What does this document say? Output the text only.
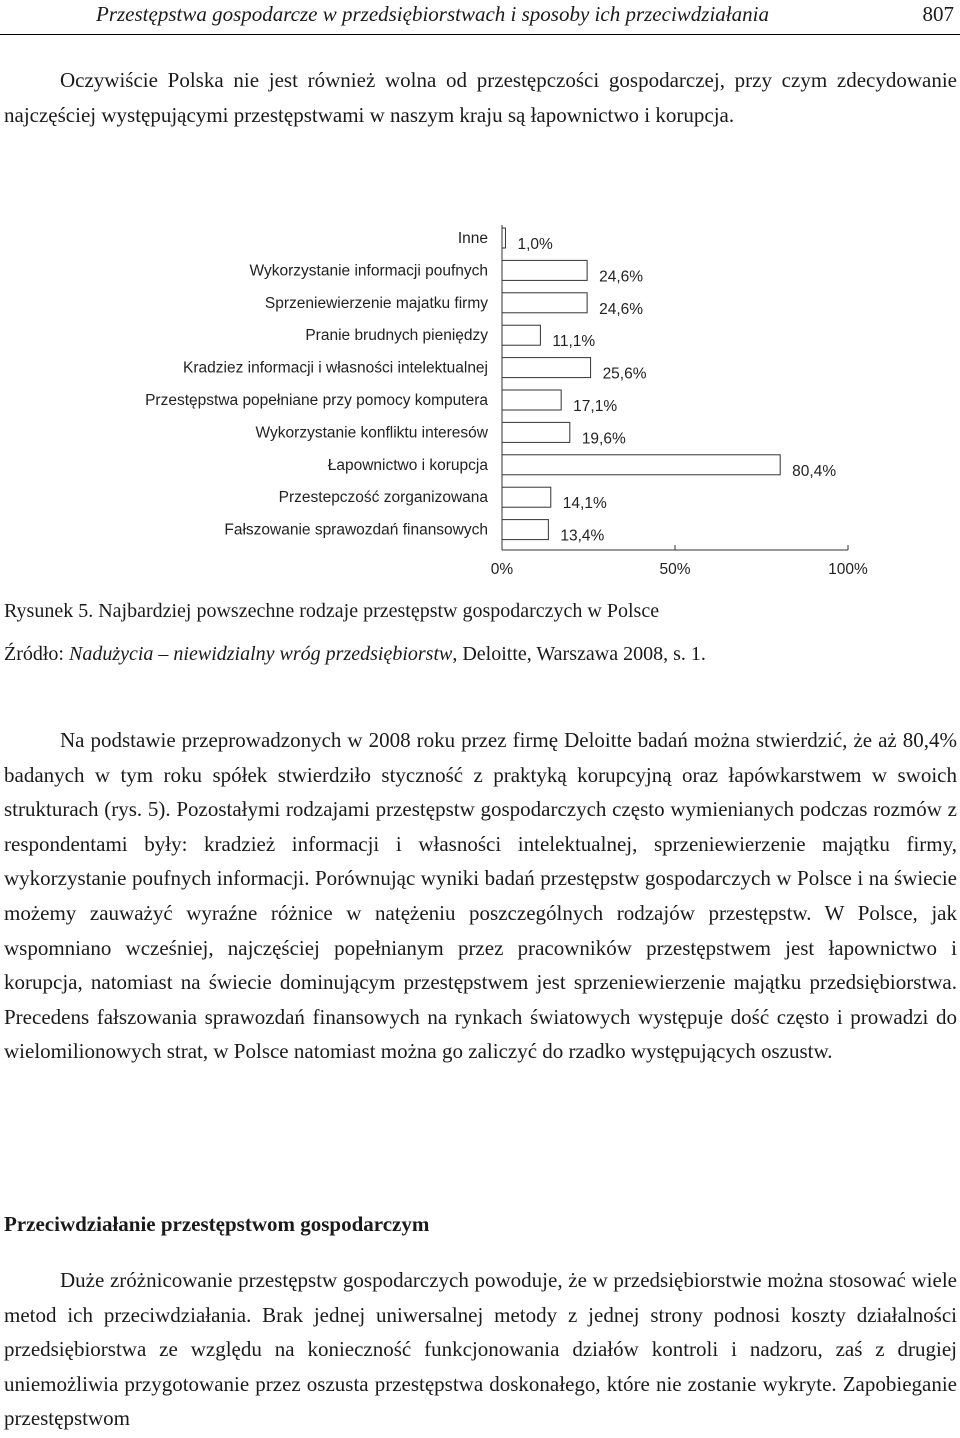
Przestępstwa gospodarcze w przedsiębiorstwach i sposoby ich przeciwdziałania	807

Oczywiście Polska nie jest również wolna od przestępczości gospodarczej, przy czym zdecydowanie najczęściej występującymi przestępstwami w naszym kraju są łapownictwo i korupcja.

Inne 1,0%
Wykorzystanie informacji poufnych	24,6%
Sprzeniewierzenie majatku firmy	24,6%
Pranie brudnych pieniędzy	11,1%
Kradziez informacji i własności intelektualnej	25,6%
Przestępstwa popełniane przy pomocy komputera	17,1%
Wykorzystanie konfliktu interesów	19,6%
Łapownictwo i korupcja	80,4%
Przestepczość zorganizowana	14,1%
Fałszowanie sprawozdań finansowych	13,4%
0%	50%	100%

Rysunek 5. Najbardziej powszechne rodzaje przestępstw gospodarczych w Polsce

Źródło: Nadużycia – niewidzialny wróg przedsiębiorstw, Deloitte, Warszawa 2008, s. 1.

Na podstawie przeprowadzonych w 2008 roku przez firmę Deloitte badań można stwierdzić, że aż 80,4% badanych w tym roku spółek stwierdziło styczność z praktyką korupcyjną oraz łapówkarstwem w swoich strukturach (rys. 5). Pozostałymi rodzajami przestępstw gospodarczych często wymienianych podczas rozmów z respondentami były: kradzież informacji i własności intelektualnej, sprzeniewierzenie majątku firmy, wykorzystanie poufnych informacji. Porównując wyniki badań przestępstw gospodarczych w Polsce i na świecie możemy zauważyć wyraźne różnice w natężeniu poszczególnych rodzajów przestępstw. W Polsce, jak wspomniano wcześniej, najczęściej popełnianym przez pracowników przestępstwem jest łapownictwo i korupcja, natomiast na świecie dominującym przestępstwem jest sprzeniewierzenie majątku przedsiębiorstwa. Precedens fałszowania sprawozdań finansowych na rynkach światowych występuje dość często i prowadzi do wielomilionowych strat, w Polsce natomiast można go zaliczyć do rzadko występujących oszustw.

Przeciwdziałanie przestępstwom gospodarczym

Duże zróżnicowanie przestępstw gospodarczych powoduje, że w przedsiębiorstwie można stosować wiele metod ich przeciwdziałania. Brak jednej uniwersalnej metody z jednej strony podnosi koszty działalności przedsiębiorstwa ze względu na konieczność funkcjonowania działów kontroli i nadzoru, zaś z drugiej uniemożliwia przygotowanie przez oszusta przestępstwa doskonałego, które nie zostanie wykryte. Zapobieganie przestępstwom
